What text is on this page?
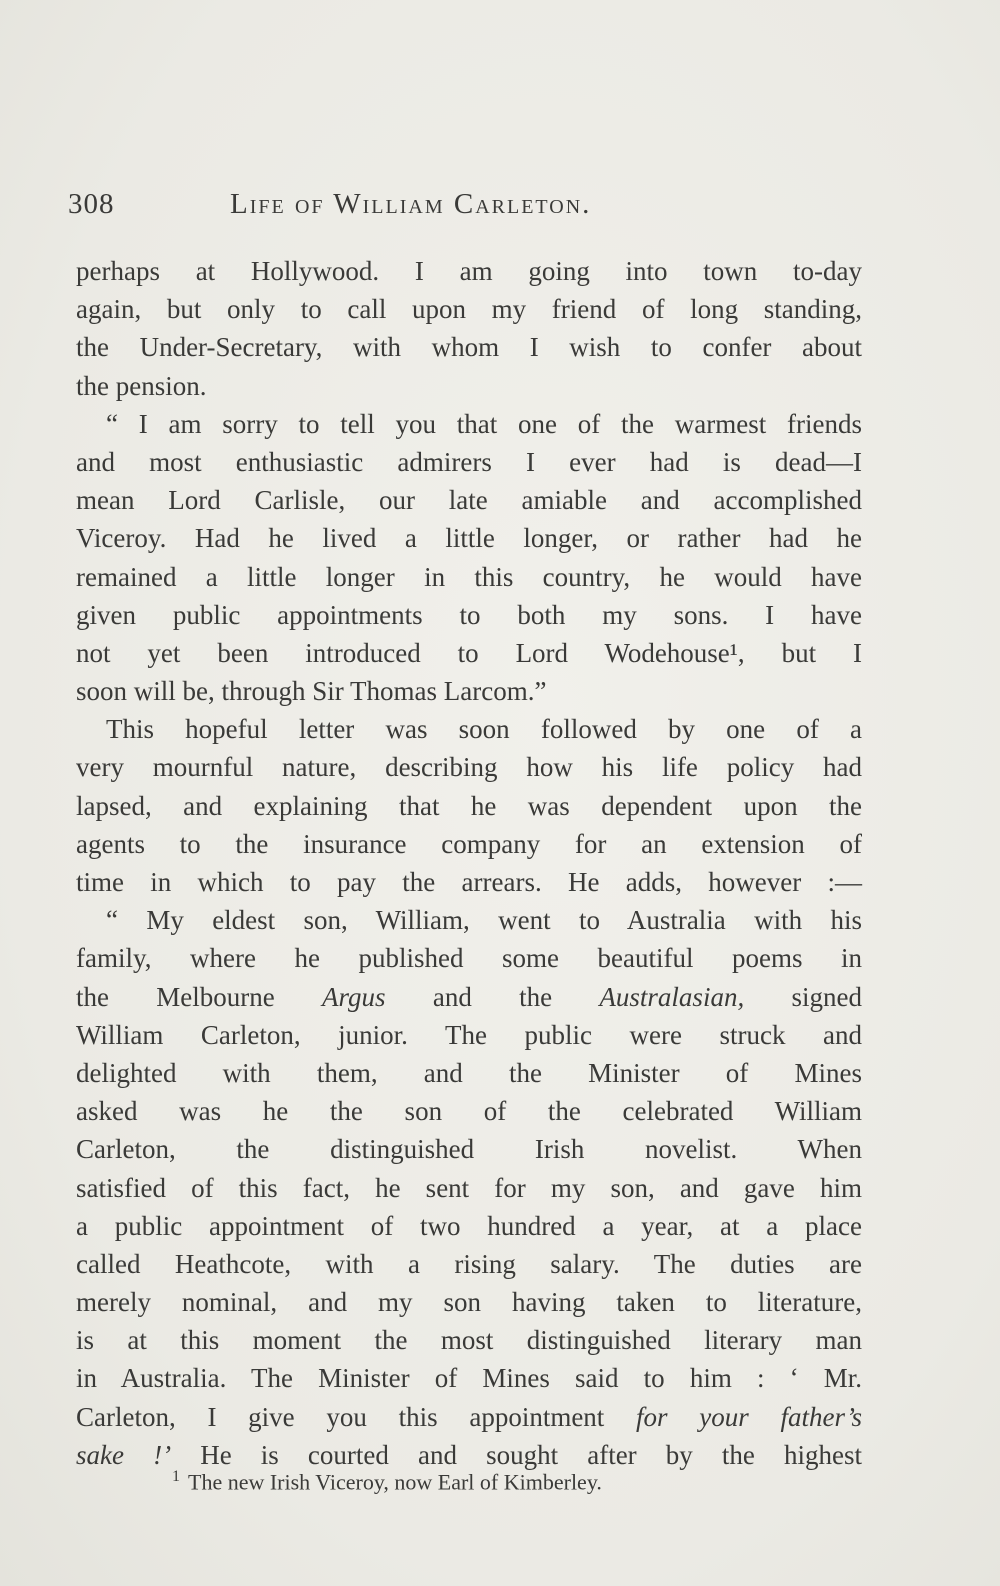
308	Life of William Carleton.
perhaps at Hollywood. I am going into town to-day
again, but only to call upon my friend of long standing,
the Under-Secretary, with whom I wish to confer about
the pension.
“ I am sorry to tell you that one of the warmest friends
and most enthusiastic admirers I ever had is dead—I
mean Lord Carlisle, our late amiable and accomplished
Viceroy. Had he lived a little longer, or rather had he
remained a little longer in this country, he would have
given public appointments to both my sons. I have
not yet been introduced to Lord Wodehouse¹, but I
soon will be, through Sir Thomas Larcom.”
This hopeful letter was soon followed by one of a
very mournful nature, describing how his life policy had
lapsed, and explaining that he was dependent upon the
agents to the insurance company for an extension of
time in which to pay the arrears. He adds, however :—
“ My eldest son, William, went to Australia with his
family, where he published some beautiful poems in
the Melbourne Argus and the Australasian, signed
William Carleton, junior. The public were struck and
delighted with them, and the Minister of Mines
asked was he the son of the celebrated William
Carleton, the distinguished Irish novelist. When
satisfied of this fact, he sent for my son, and gave him
a public appointment of two hundred a year, at a place
called Heathcote, with a rising salary. The duties are
merely nominal, and my son having taken to literature,
is at this moment the most distinguished literary man
in Australia. The Minister of Mines said to him : ‘ Mr.
Carleton, I give you this appointment for your father’s
sake !’ He is courted and sought after by the highest
$^1$ The new Irish Viceroy, now Earl of Kimberley.
